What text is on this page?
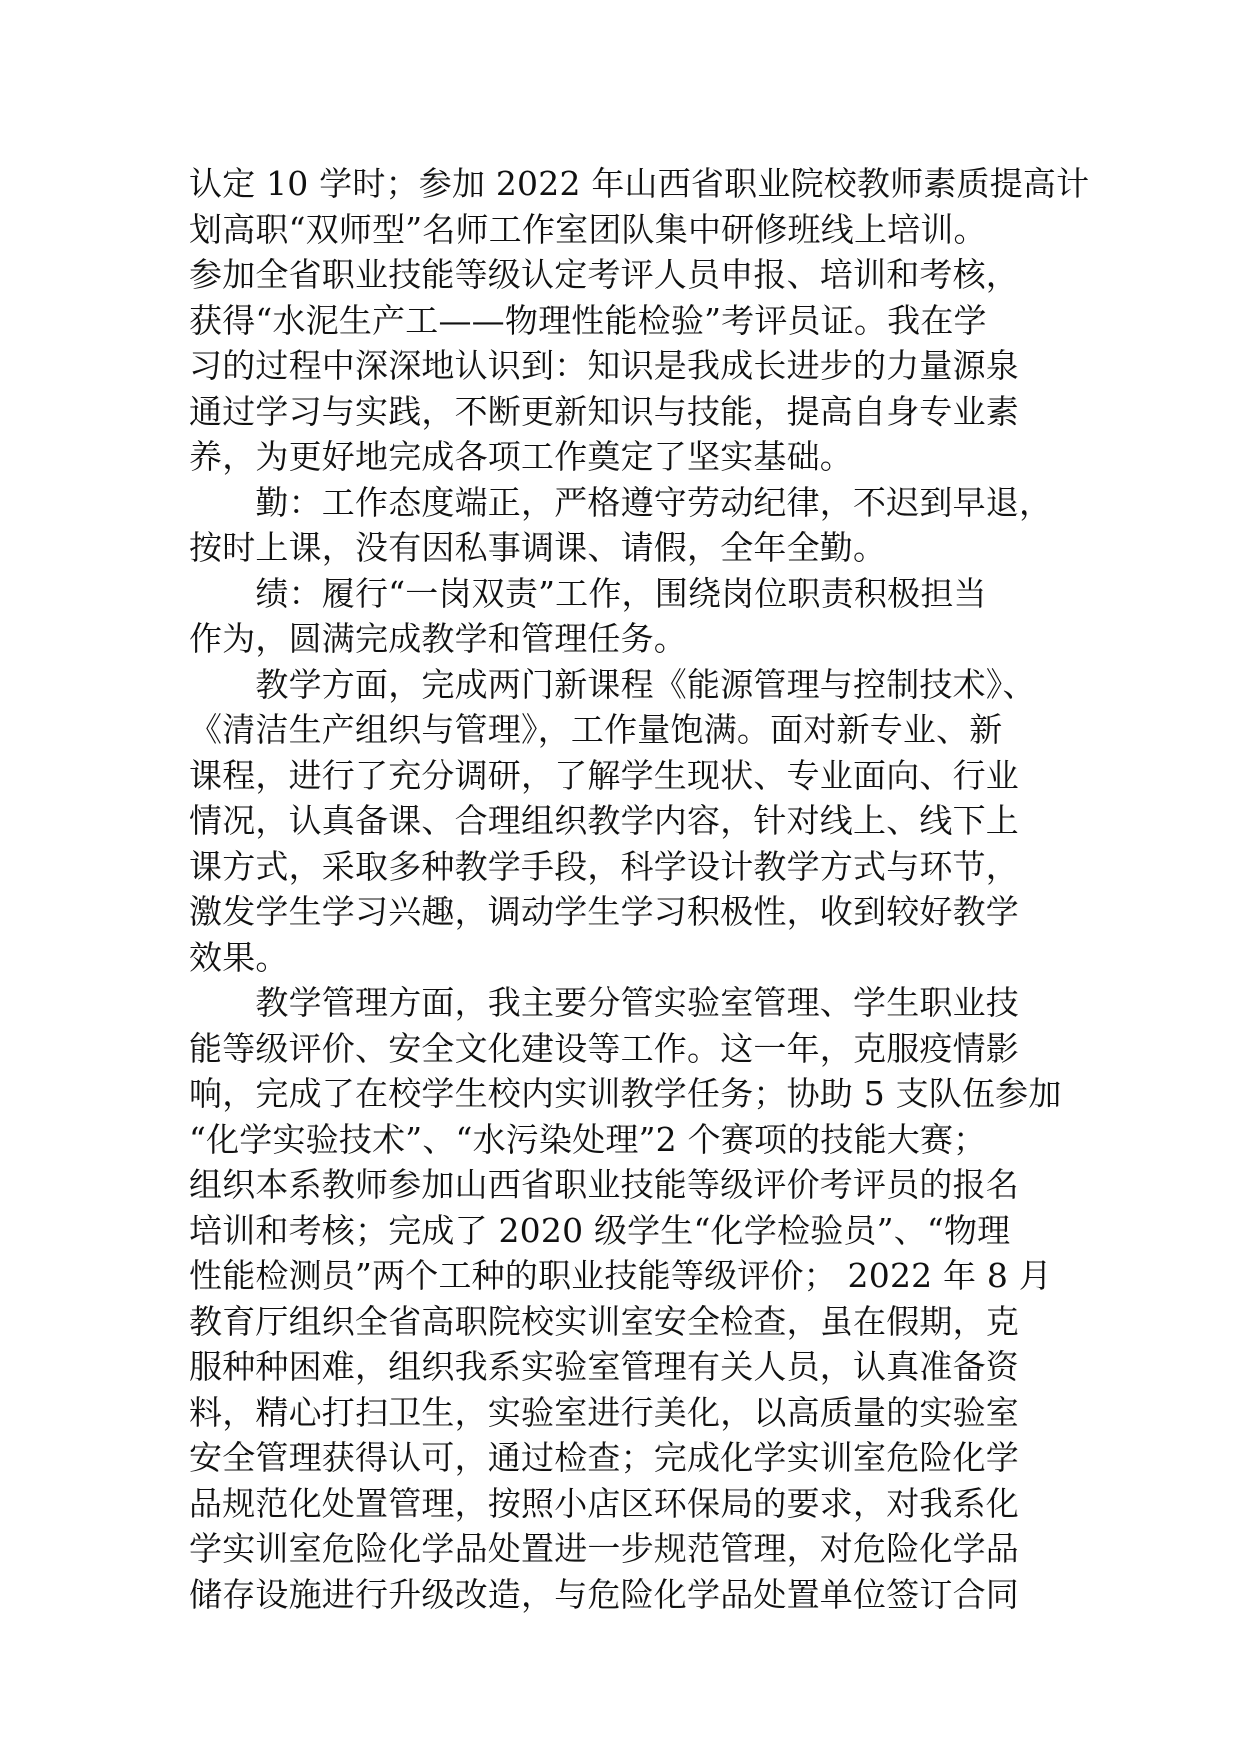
认定 10 学时；参加 2022 年山西省职业院校教师素质提高计
划高职“双师型”名师工作室团队集中研修班线上培训。
参加全省职业技能等级认定考评人员申报、培训和考核，
获得“水泥生产工——物理性能检验”考评员证。我在学
习的过程中深深地认识到：知识是我成长进步的力量源泉
通过学习与实践，不断更新知识与技能，提高自身专业素
养，为更好地完成各项工作奠定了坚实基础。
　　勤：工作态度端正，严格遵守劳动纪律，不迟到早退，
按时上课，没有因私事调课、请假，全年全勤。
　　绩：履行“一岗双责”工作，围绕岗位职责积极担当
作为，圆满完成教学和管理任务。
　　教学方面，完成两门新课程《能源管理与控制技术》、
《清洁生产组织与管理》，工作量饱满。面对新专业、新
课程，进行了充分调研，了解学生现状、专业面向、行业
情况，认真备课、合理组织教学内容，针对线上、线下上
课方式，采取多种教学手段，科学设计教学方式与环节，
激发学生学习兴趣，调动学生学习积极性，收到较好教学
效果。
　　教学管理方面，我主要分管实验室管理、学生职业技
能等级评价、安全文化建设等工作。这一年，克服疫情影
响，完成了在校学生校内实训教学任务；协助 5 支队伍参加
“化学实验技术”、“水污染处理”2 个赛项的技能大赛；
组织本系教师参加山西省职业技能等级评价考评员的报名
培训和考核；完成了 2020 级学生“化学检验员”、“物理
性能检测员”两个工种的职业技能等级评价； 2022 年 8 月
教育厅组织全省高职院校实训室安全检查，虽在假期，克
服种种困难，组织我系实验室管理有关人员，认真准备资
料，精心打扫卫生，实验室进行美化，以高质量的实验室
安全管理获得认可，通过检查；完成化学实训室危险化学
品规范化处置管理，按照小店区环保局的要求，对我系化
学实训室危险化学品处置进一步规范管理，对危险化学品
储存设施进行升级改造，与危险化学品处置单位签订合同
